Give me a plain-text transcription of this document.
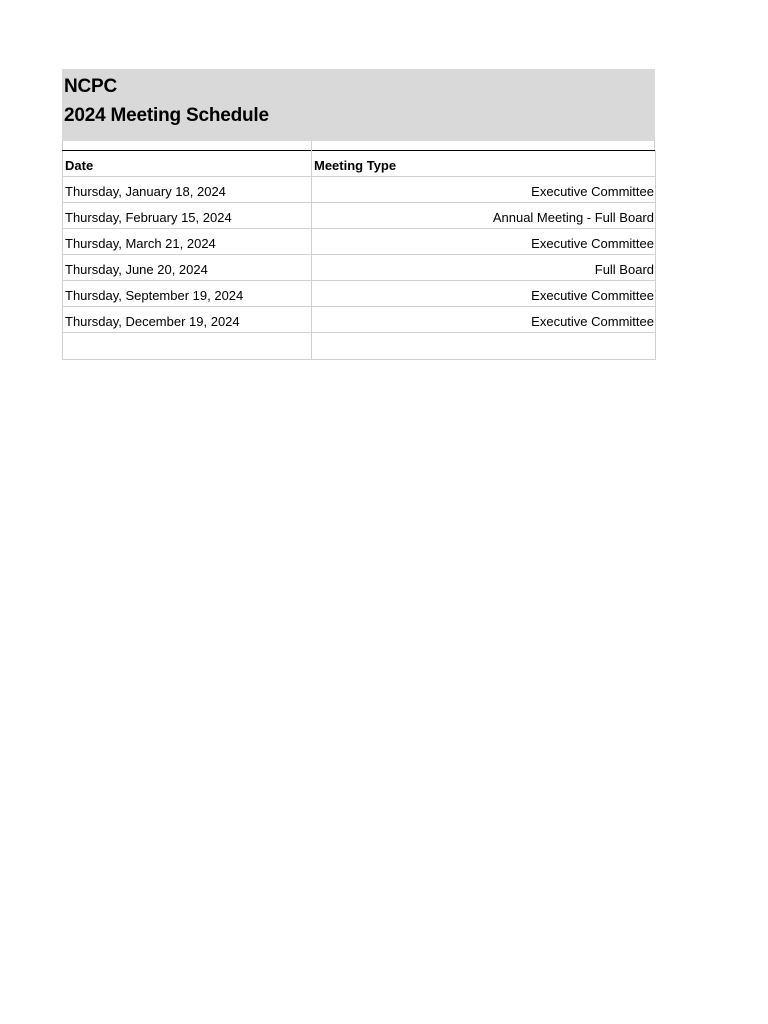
NCPC
2024 Meeting Schedule
Date	Meeting Type
Thursday, January 18, 2024	Executive Committee
Thursday, February 15, 2024	Annual Meeting - Full Board
Thursday, March 21, 2024	Executive Committee
Thursday, June 20, 2024	Full Board
Thursday, September 19, 2024	Executive Committee
Thursday, December 19, 2024	Executive Committee
